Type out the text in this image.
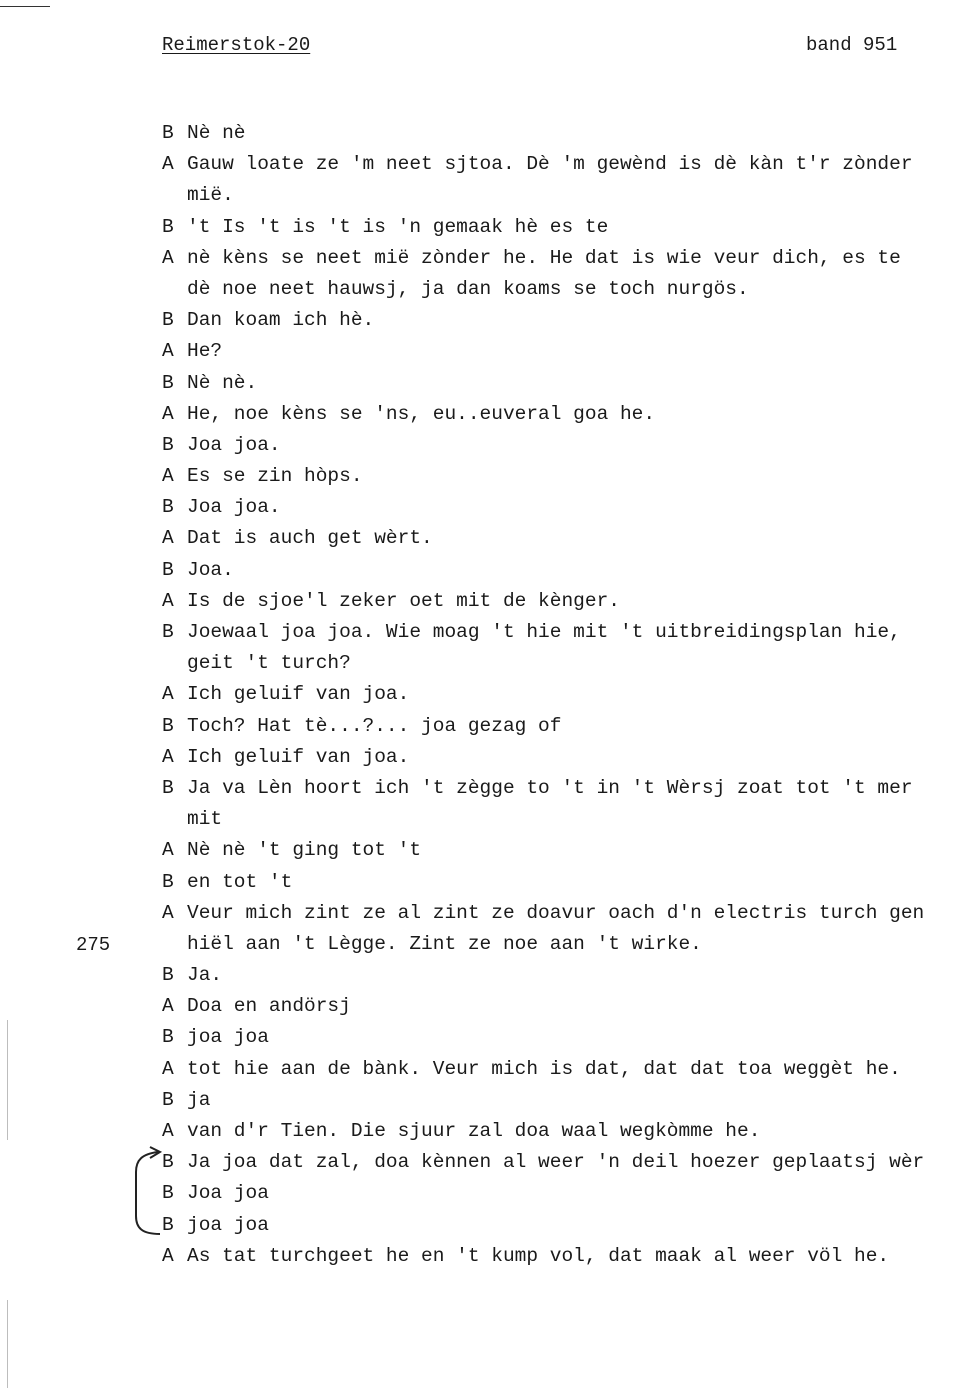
Reimerstok-20	band 951
275
B Nè nè
A Gauw loate ze 'm neet sjtoa. Dè 'm gewènd is dè kàn t'r zònder
mië.
B 't Is 't is 't is 'n gemaak hè es te
A nè kèns se neet mië zònder he. He dat is wie veur dich, es te
dè noe neet hauwsj, ja dan koams se toch nurgös.
B Dan koam ich hè.
A He?
B Nè nè.
A He, noe kèns se 'ns, eu..euveral goa he.
B Joa joa.
A Es se zin hòps.
B Joa joa.
A Dat is auch get wèrt.
B Joa.
A Is de sjoe'l zeker oet mit de kènger.
B Joewaal joa joa. Wie moag 't hie mit 't uitbreidingsplan hie,
geit 't turch?
A Ich geluif van joa.
B Toch? Hat tè...?... joa gezag of
A Ich geluif van joa.
B Ja va Lèn hoort ich 't zègge to 't in 't Wèrsj zoat tot 't mer
mit
A Nè nè 't ging tot 't
B en tot 't
A Veur mich zint ze al zint ze doavur oach d'n electris turch gen
hiël aan 't Lègge. Zint ze noe aan 't wirke.
B Ja.
A Doa en andörsj
B joa joa
A tot hie aan de bànk. Veur mich is dat, dat dat toa weggèt he.
B ja
A van d'r Tien. Die sjuur zal doa waal wegkòmme he.
B Ja joa dat zal, doa kènnen al weer 'n deil hoezer geplaatsj wèr
B Joa joa
B joa joa
A As tat turchgeet he en 't kump vol, dat maak al weer völ he.
